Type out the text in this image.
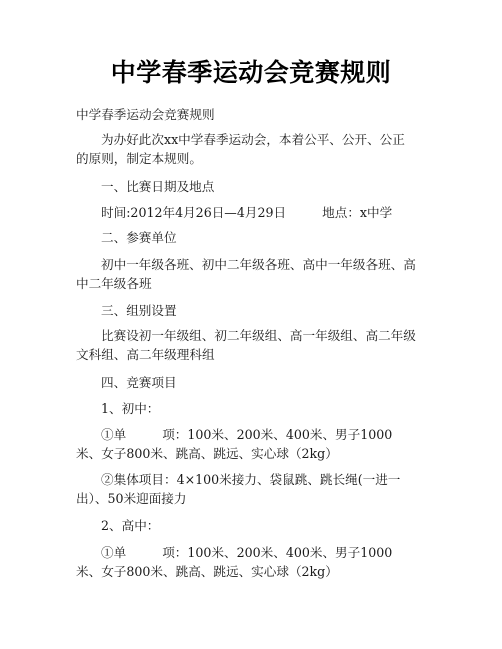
中学春季运动会竞赛规则
中学春季运动会竞赛规则
为办好此次xx中学春季运动会，本着公平、公开、公正
的原则，制定本规则。
一、比赛日期及地点
时间:2012年4月26日—4月29日	地点：x中学
二、参赛单位
初中一年级各班、初中二年级各班、高中一年级各班、高
中二年级各班
三、组别设置
比赛设初一年级组、初二年级组、高一年级组、高二年级
文科组、高二年级理科组
四、竞赛项目
1、初中：
①单	项：100米、200米、400米、男子1000
米、女子800米、跳高、跳远、实心球（2kg）
②集体项目：4×100米接力、袋鼠跳、跳长绳(一进一
出）、50米迎面接力
2、高中：
①单	项：100米、200米、400米、男子1000
米、女子800米、跳高、跳远、实心球（2kg）
